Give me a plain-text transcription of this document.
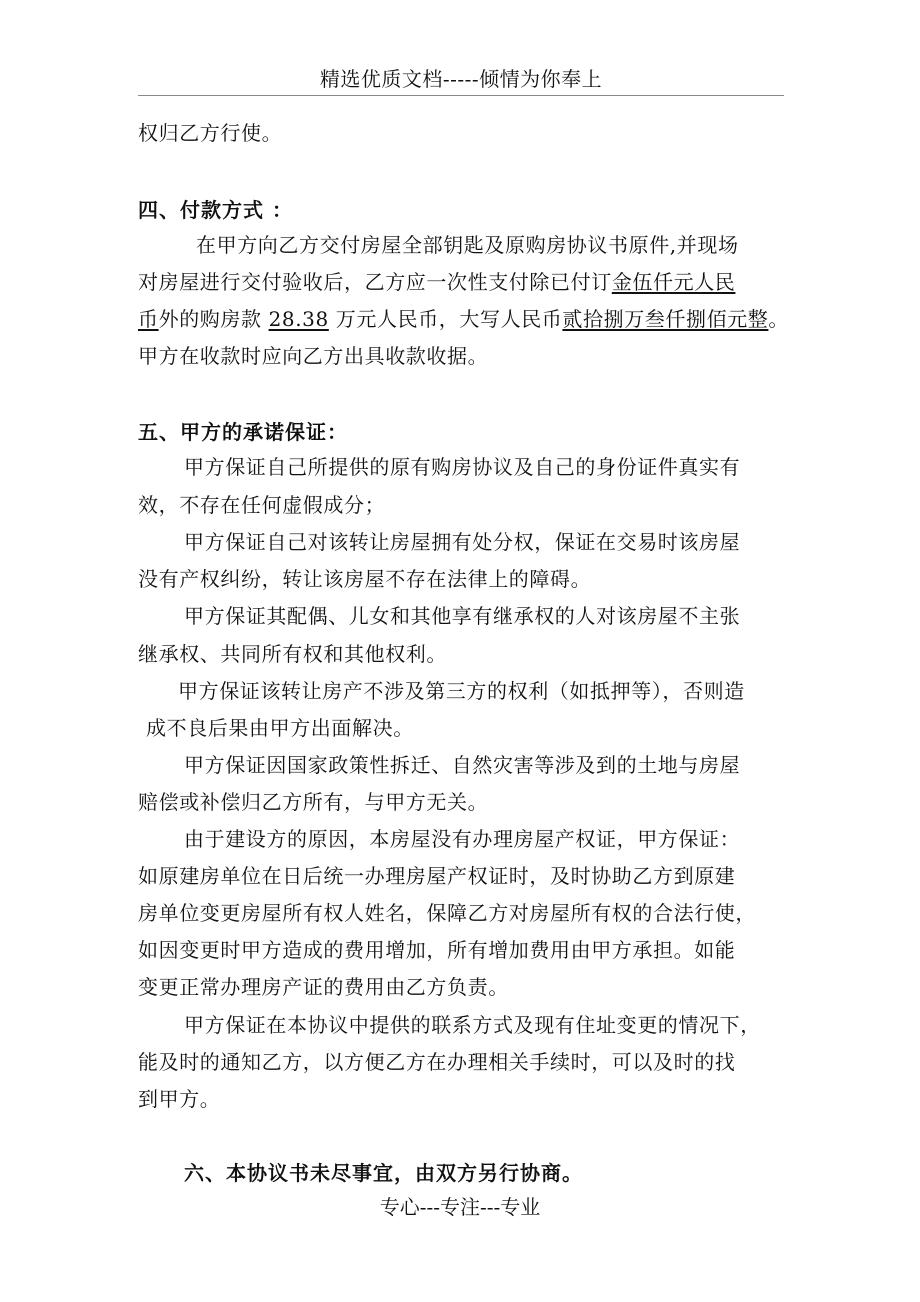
精选优质文档-----倾情为你奉上
权归乙方行使。
四、付款方式 ：
在甲方向乙方交付房屋全部钥匙及原购房协议书原件,并现场
对房屋进行交付验收后，乙方应一次性支付除已付订金伍仟元人民
币外的购房款 28.38 万元人民币，大写人民币贰拾捌万叁仟捌佰元整。
甲方在收款时应向乙方出具收款收据。
五、甲方的承诺保证：
甲方保证自己所提供的原有购房协议及自己的身份证件真实有
效，不存在任何虚假成分；
甲方保证自己对该转让房屋拥有处分权，保证在交易时该房屋
没有产权纠纷，转让该房屋不存在法律上的障碍。
甲方保证其配偶、儿女和其他享有继承权的人对该房屋不主张
继承权、共同所有权和其他权利。
甲方保证该转让房产不涉及第三方的权利（如抵押等），否则造
成不良后果由甲方出面解决。
甲方保证因国家政策性拆迁、自然灾害等涉及到的土地与房屋
赔偿或补偿归乙方所有，与甲方无关。
由于建设方的原因，本房屋没有办理房屋产权证，甲方保证：
如原建房单位在日后统一办理房屋产权证时，及时协助乙方到原建
房单位变更房屋所有权人姓名，保障乙方对房屋所有权的合法行使，
如因变更时甲方造成的费用增加，所有增加费用由甲方承担。如能
变更正常办理房产证的费用由乙方负责。
甲方保证在本协议中提供的联系方式及现有住址变更的情况下，
能及时的通知乙方，以方便乙方在办理相关手续时，可以及时的找
到甲方。
六、本协议书未尽事宜，由双方另行协商。
专心---专注---专业
